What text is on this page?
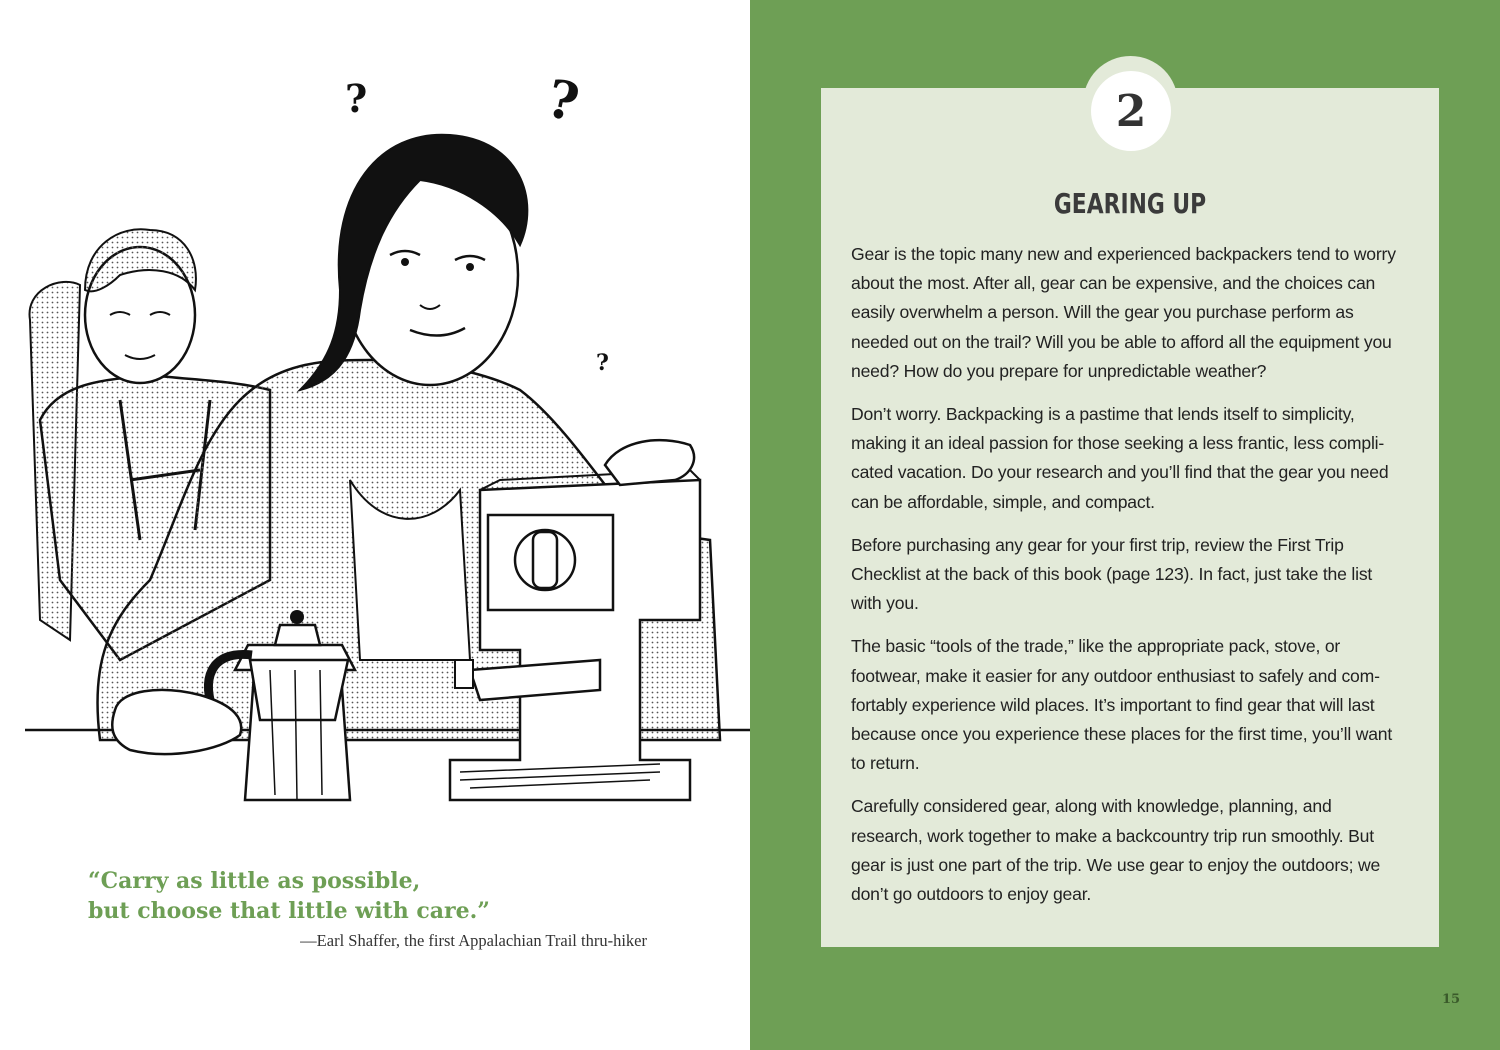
?	?
?
“Carry as little as possible,
but choose that little with care.”
—Earl Shaffer, the first Appalachian Trail thru-hiker
2
GEARING UP

Gear is the topic many new and experienced backpackers tend to worry
about the most. After all, gear can be expensive, and the choices can
easily overwhelm a person. Will the gear you purchase perform as
needed out on the trail? Will you be able to afford all the equipment you
need? How do you prepare for unpredictable weather?

Don’t worry. Backpacking is a pastime that lends itself to simplicity,
making it an ideal passion for those seeking a less frantic, less compli-
cated vacation. Do your research and you’ll find that the gear you need
can be affordable, simple, and compact.

Before purchasing any gear for your first trip, review the First Trip
Checklist at the back of this book (page 123). In fact, just take the list
with you.

The basic “tools of the trade,” like the appropriate pack, stove, or
footwear, make it easier for any outdoor enthusiast to safely and com-
fortably experience wild places. It’s important to find gear that will last
because once you experience these places for the first time, you’ll want
to return.

Carefully considered gear, along with knowledge, planning, and
research, work together to make a backcountry trip run smoothly. But
gear is just one part of the trip. We use gear to enjoy the outdoors; we
don’t go outdoors to enjoy gear.

15
